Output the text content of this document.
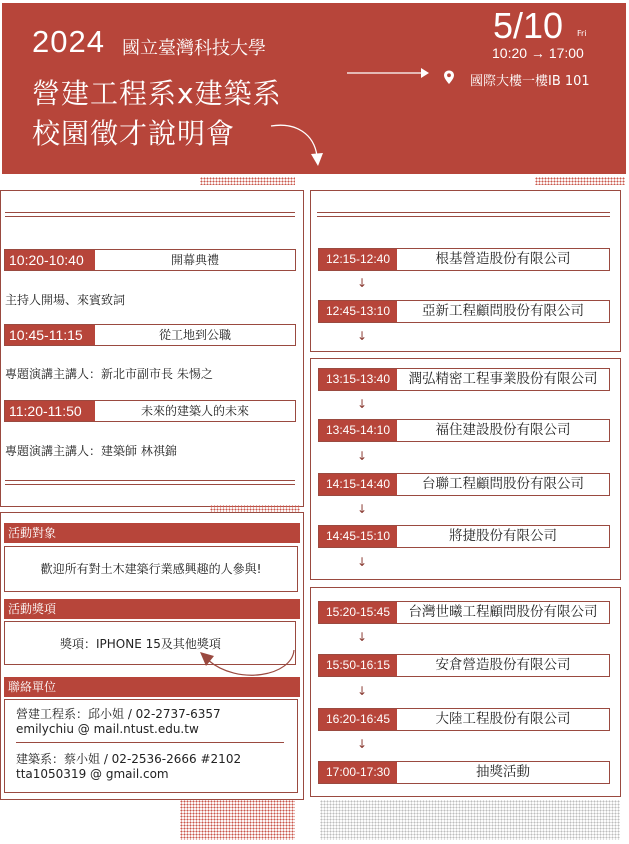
2024 國立臺灣科技大學
營建工程系x建築系
校園徵才說明會
5/10 Fri
10:20 → 17:00
國際大樓一樓IB 101
10:20-10:40	開幕典禮
主持人開場、來賓致詞
10:45-11:15	從工地到公職
專題演講主講人：新北市副市長 朱惕之
11:20-11:50	未來的建築人的未來
專題演講主講人：建築師 林祺錦
活動對象
歡迎所有對土木建築行業感興趣的人參與!
活動獎項
獎項：IPHONE 15及其他獎項
聯絡單位
營建工程系：邱小姐 / 02-2737-6357
emilychiu @ mail.ntust.edu.tw
建築系：蔡小姐 / 02-2536-2666 #2102
tta1050319 @ gmail.com
12:15-12:40	根基營造股份有限公司
↓
12:45-13:10	亞新工程顧問股份有限公司
↓
13:15-13:40	潤弘精密工程事業股份有限公司
↓
13:45-14:10	福住建設股份有限公司
↓
14:15-14:40	台聯工程顧問股份有限公司
↓
14:45-15:10	將捷股份有限公司
↓
15:20-15:45	台灣世曦工程顧問股份有限公司
↓
15:50-16:15	安倉營造股份有限公司
↓
16:20-16:45	大陸工程股份有限公司
↓
17:00-17:30	抽獎活動
